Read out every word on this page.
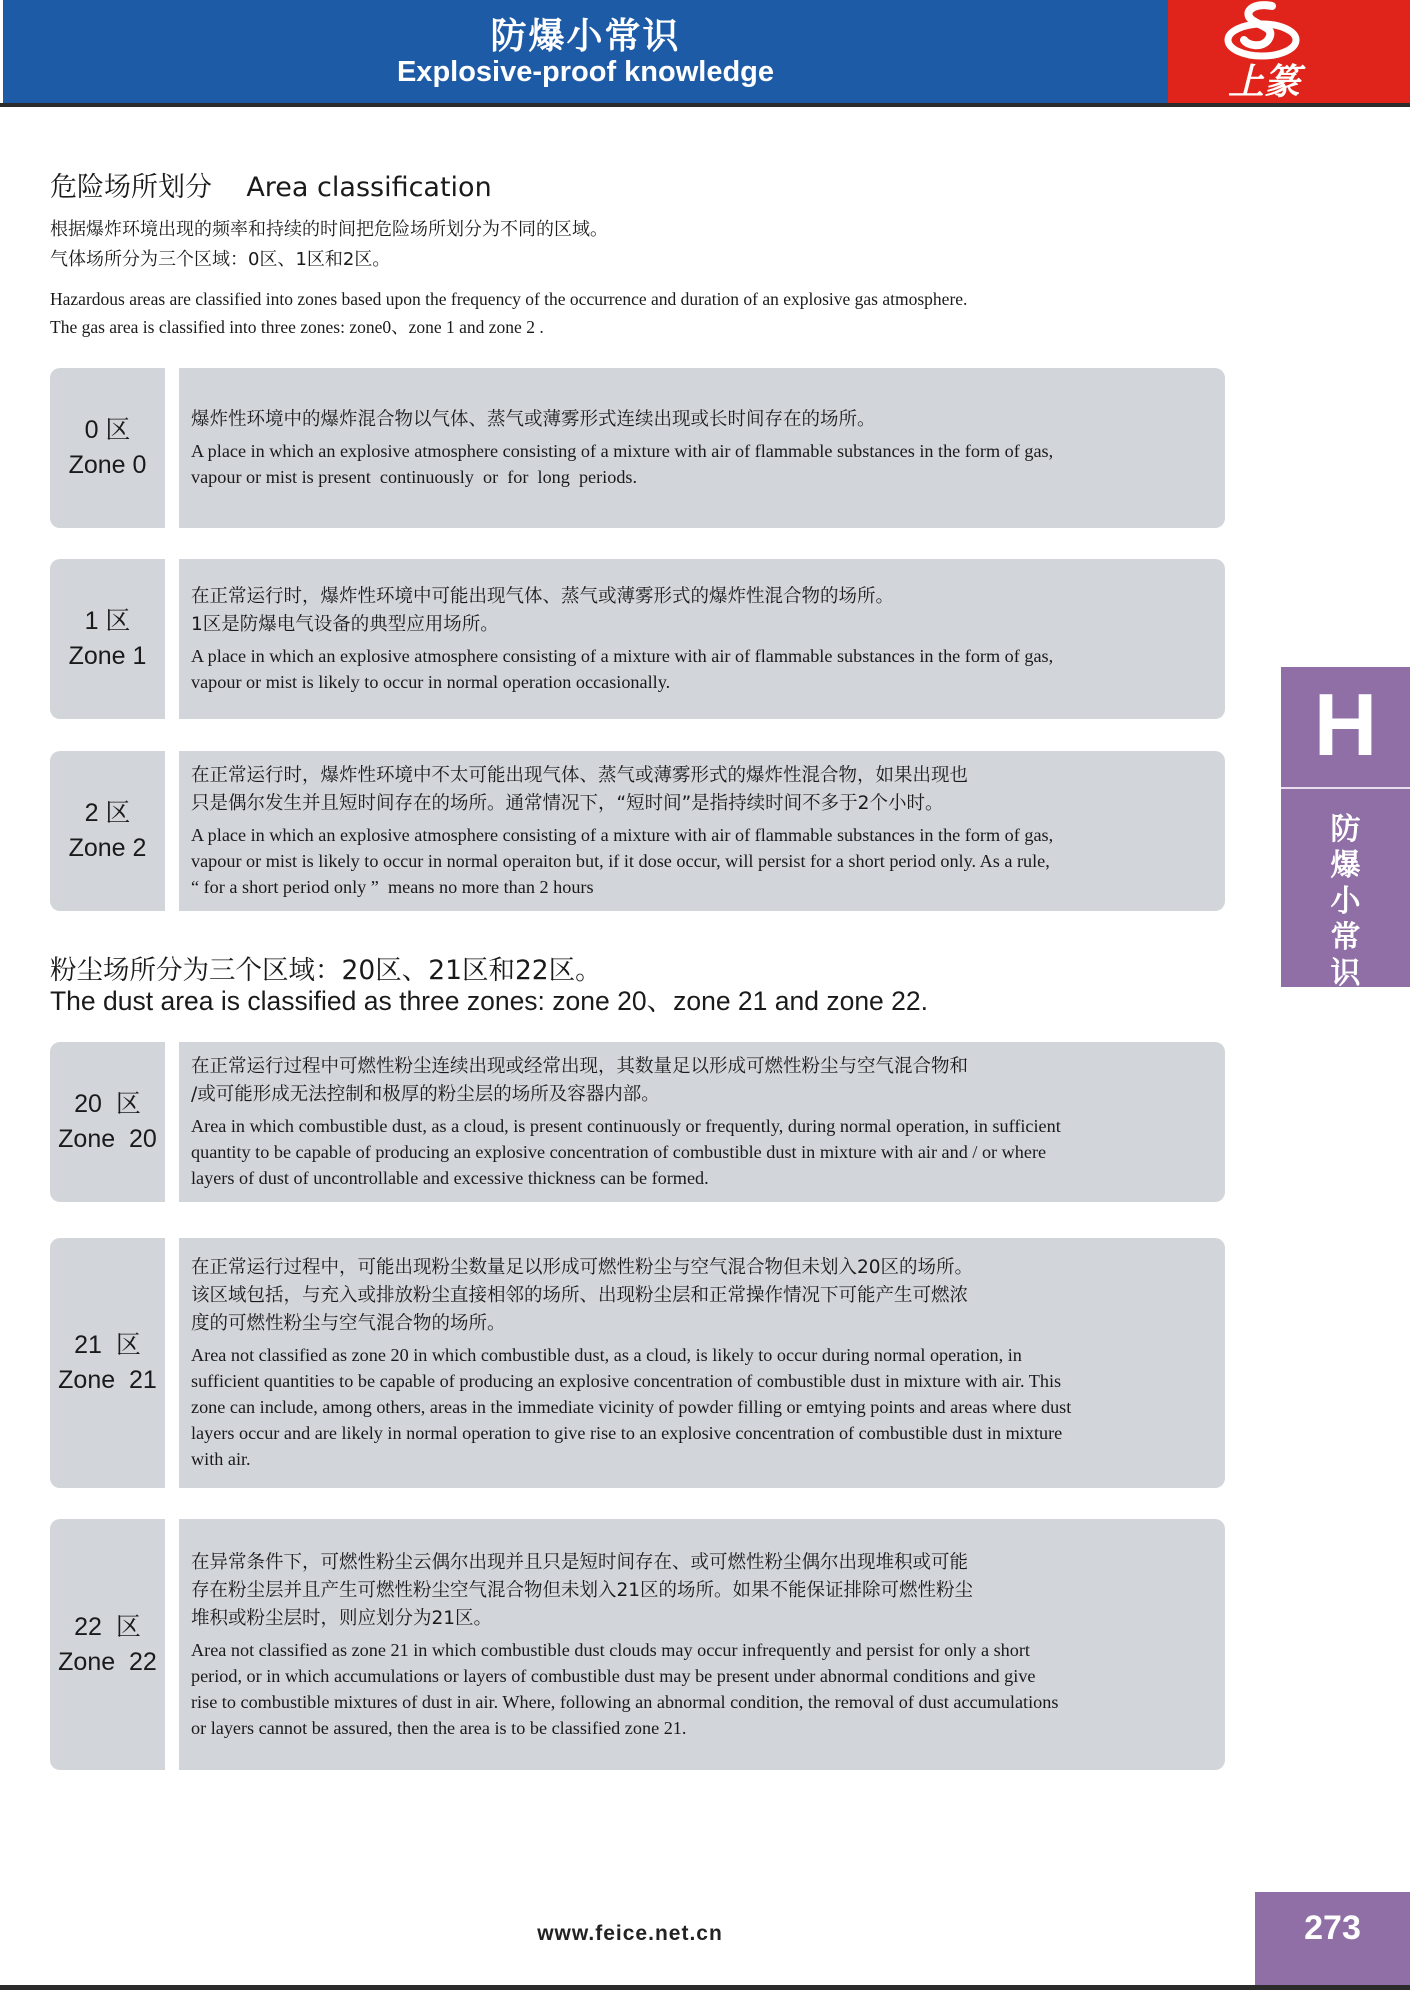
防爆小常识
Explosive-proof knowledge	上篆
危险场所划分    Area classification
根据爆炸环境出现的频率和持续的时间把危险场所划分为不同的区域。
气体场所分为三个区域：0区、1区和2区。
Hazardous areas are classified into zones based upon the frequency of the occurrence and duration of an explosive gas atmosphere.
The gas area is classified into three zones: zone0、zone 1 and zone 2 .
0 区
Zone 0
爆炸性环境中的爆炸混合物以气体、蒸气或薄雾形式连续出现或长时间存在的场所。
A place in which an explosive atmosphere consisting of a mixture with air of flammable substances in the form of gas,
vapour or mist is present  continuously  or  for  long  periods.
1 区
Zone 1
在正常运行时，爆炸性环境中可能出现气体、蒸气或薄雾形式的爆炸性混合物的场所。
1区是防爆电气设备的典型应用场所。
A place in which an explosive atmosphere consisting of a mixture with air of flammable substances in the form of gas,
vapour or mist is likely to occur in normal operation occasionally.
2 区
Zone 2
在正常运行时，爆炸性环境中不太可能出现气体、蒸气或薄雾形式的爆炸性混合物，如果出现也
只是偶尔发生并且短时间存在的场所。通常情况下，“短时间”是指持续时间不多于2个小时。
A place in which an explosive atmosphere consisting of a mixture with air of flammable substances in the form of gas,
vapour or mist is likely to occur in normal operaiton but, if it dose occur, will persist for a short period only. As a rule,
“ for a short period only ”  means no more than 2 hours
粉尘场所分为三个区域：20区、21区和22区。
The dust area is classified as three zones: zone 20、zone 21 and zone 22.
20  区
Zone  20
在正常运行过程中可燃性粉尘连续出现或经常出现，其数量足以形成可燃性粉尘与空气混合物和
/或可能形成无法控制和极厚的粉尘层的场所及容器内部。
Area in which combustible dust, as a cloud, is present continuously or frequently, during normal operation, in sufficient
quantity to be capable of producing an explosive concentration of combustible dust in mixture with air and / or where
layers of dust of uncontrollable and excessive thickness can be formed.
21  区
Zone  21
在正常运行过程中，可能出现粉尘数量足以形成可燃性粉尘与空气混合物但未划入20区的场所。
该区域包括，与充入或排放粉尘直接相邻的场所、出现粉尘层和正常操作情况下可能产生可燃浓
度的可燃性粉尘与空气混合物的场所。
Area not classified as zone 20 in which combustible dust, as a cloud, is likely to occur during normal operation, in
sufficient quantities to be capable of producing an explosive concentration of combustible dust in mixture with air. This
zone can include, among others, areas in the immediate vicinity of powder filling or emtying points and areas where dust
layers occur and are likely in normal operation to give rise to an explosive concentration of combustible dust in mixture
with air.
22  区
Zone  22
在异常条件下，可燃性粉尘云偶尔出现并且只是短时间存在、或可燃性粉尘偶尔出现堆积或可能
存在粉尘层并且产生可燃性粉尘空气混合物但未划入21区的场所。如果不能保证排除可燃性粉尘
堆积或粉尘层时，则应划分为21区。
Area not classified as zone 21 in which combustible dust clouds may occur infrequently and persist for only a short
period, or in which accumulations or layers of combustible dust may be present under abnormal conditions and give
rise to combustible mixtures of dust in air. Where, following an abnormal condition, the removal of dust accumulations
or layers cannot be assured, then the area is to be classified zone 21.
H
防
爆
小
常
识
www.feice.net.cn	273
